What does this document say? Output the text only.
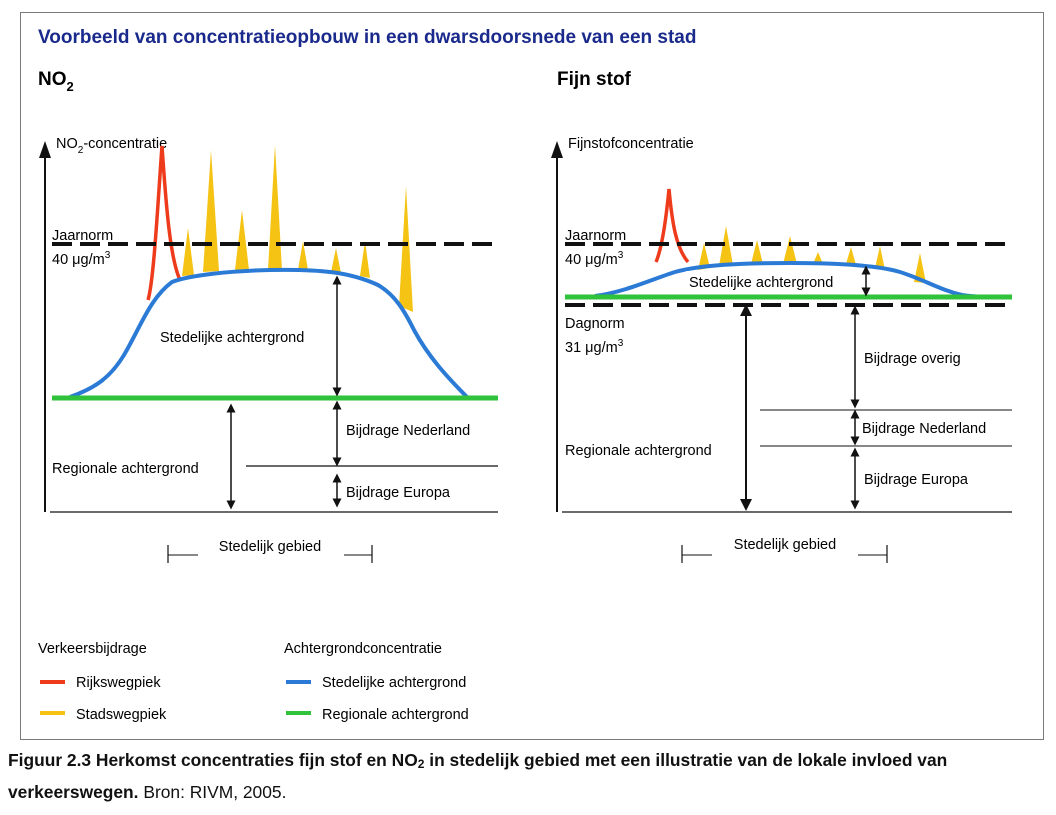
Voorbeeld van concentratieopbouw in een dwarsdoorsnede van een stad
$NO_2$
$NO_2$-concentratie
Jaarnorm
40 $\mu g/m^3$
Stedelijke achtergrond
Bijdrage Nederland
Bijdrage Europa
Regionale achtergrond
Stedelijk gebied
Fijn stof
Fijnstofconcentratie
Jaarnorm
40 $\mu g/m^3$
Dagnorm
31 $\mu g/m^3$
Stedelijke achtergrond
Bijdrage overig
Bijdrage Nederland
Bijdrage Europa
Regionale achtergrond
Stedelijk gebied
Verkeersbijdrage
Rijkswegpiek
Stadswegpiek
Achtergrondconcentratie
Stedelijke achtergrond
Regionale achtergrond
Figuur 2.3 Herkomst concentraties fijn stof en $NO_2$ in stedelijk gebied met een illustratie van de lokale invloed van verkeerswegen. Bron: RIVM, 2005.
